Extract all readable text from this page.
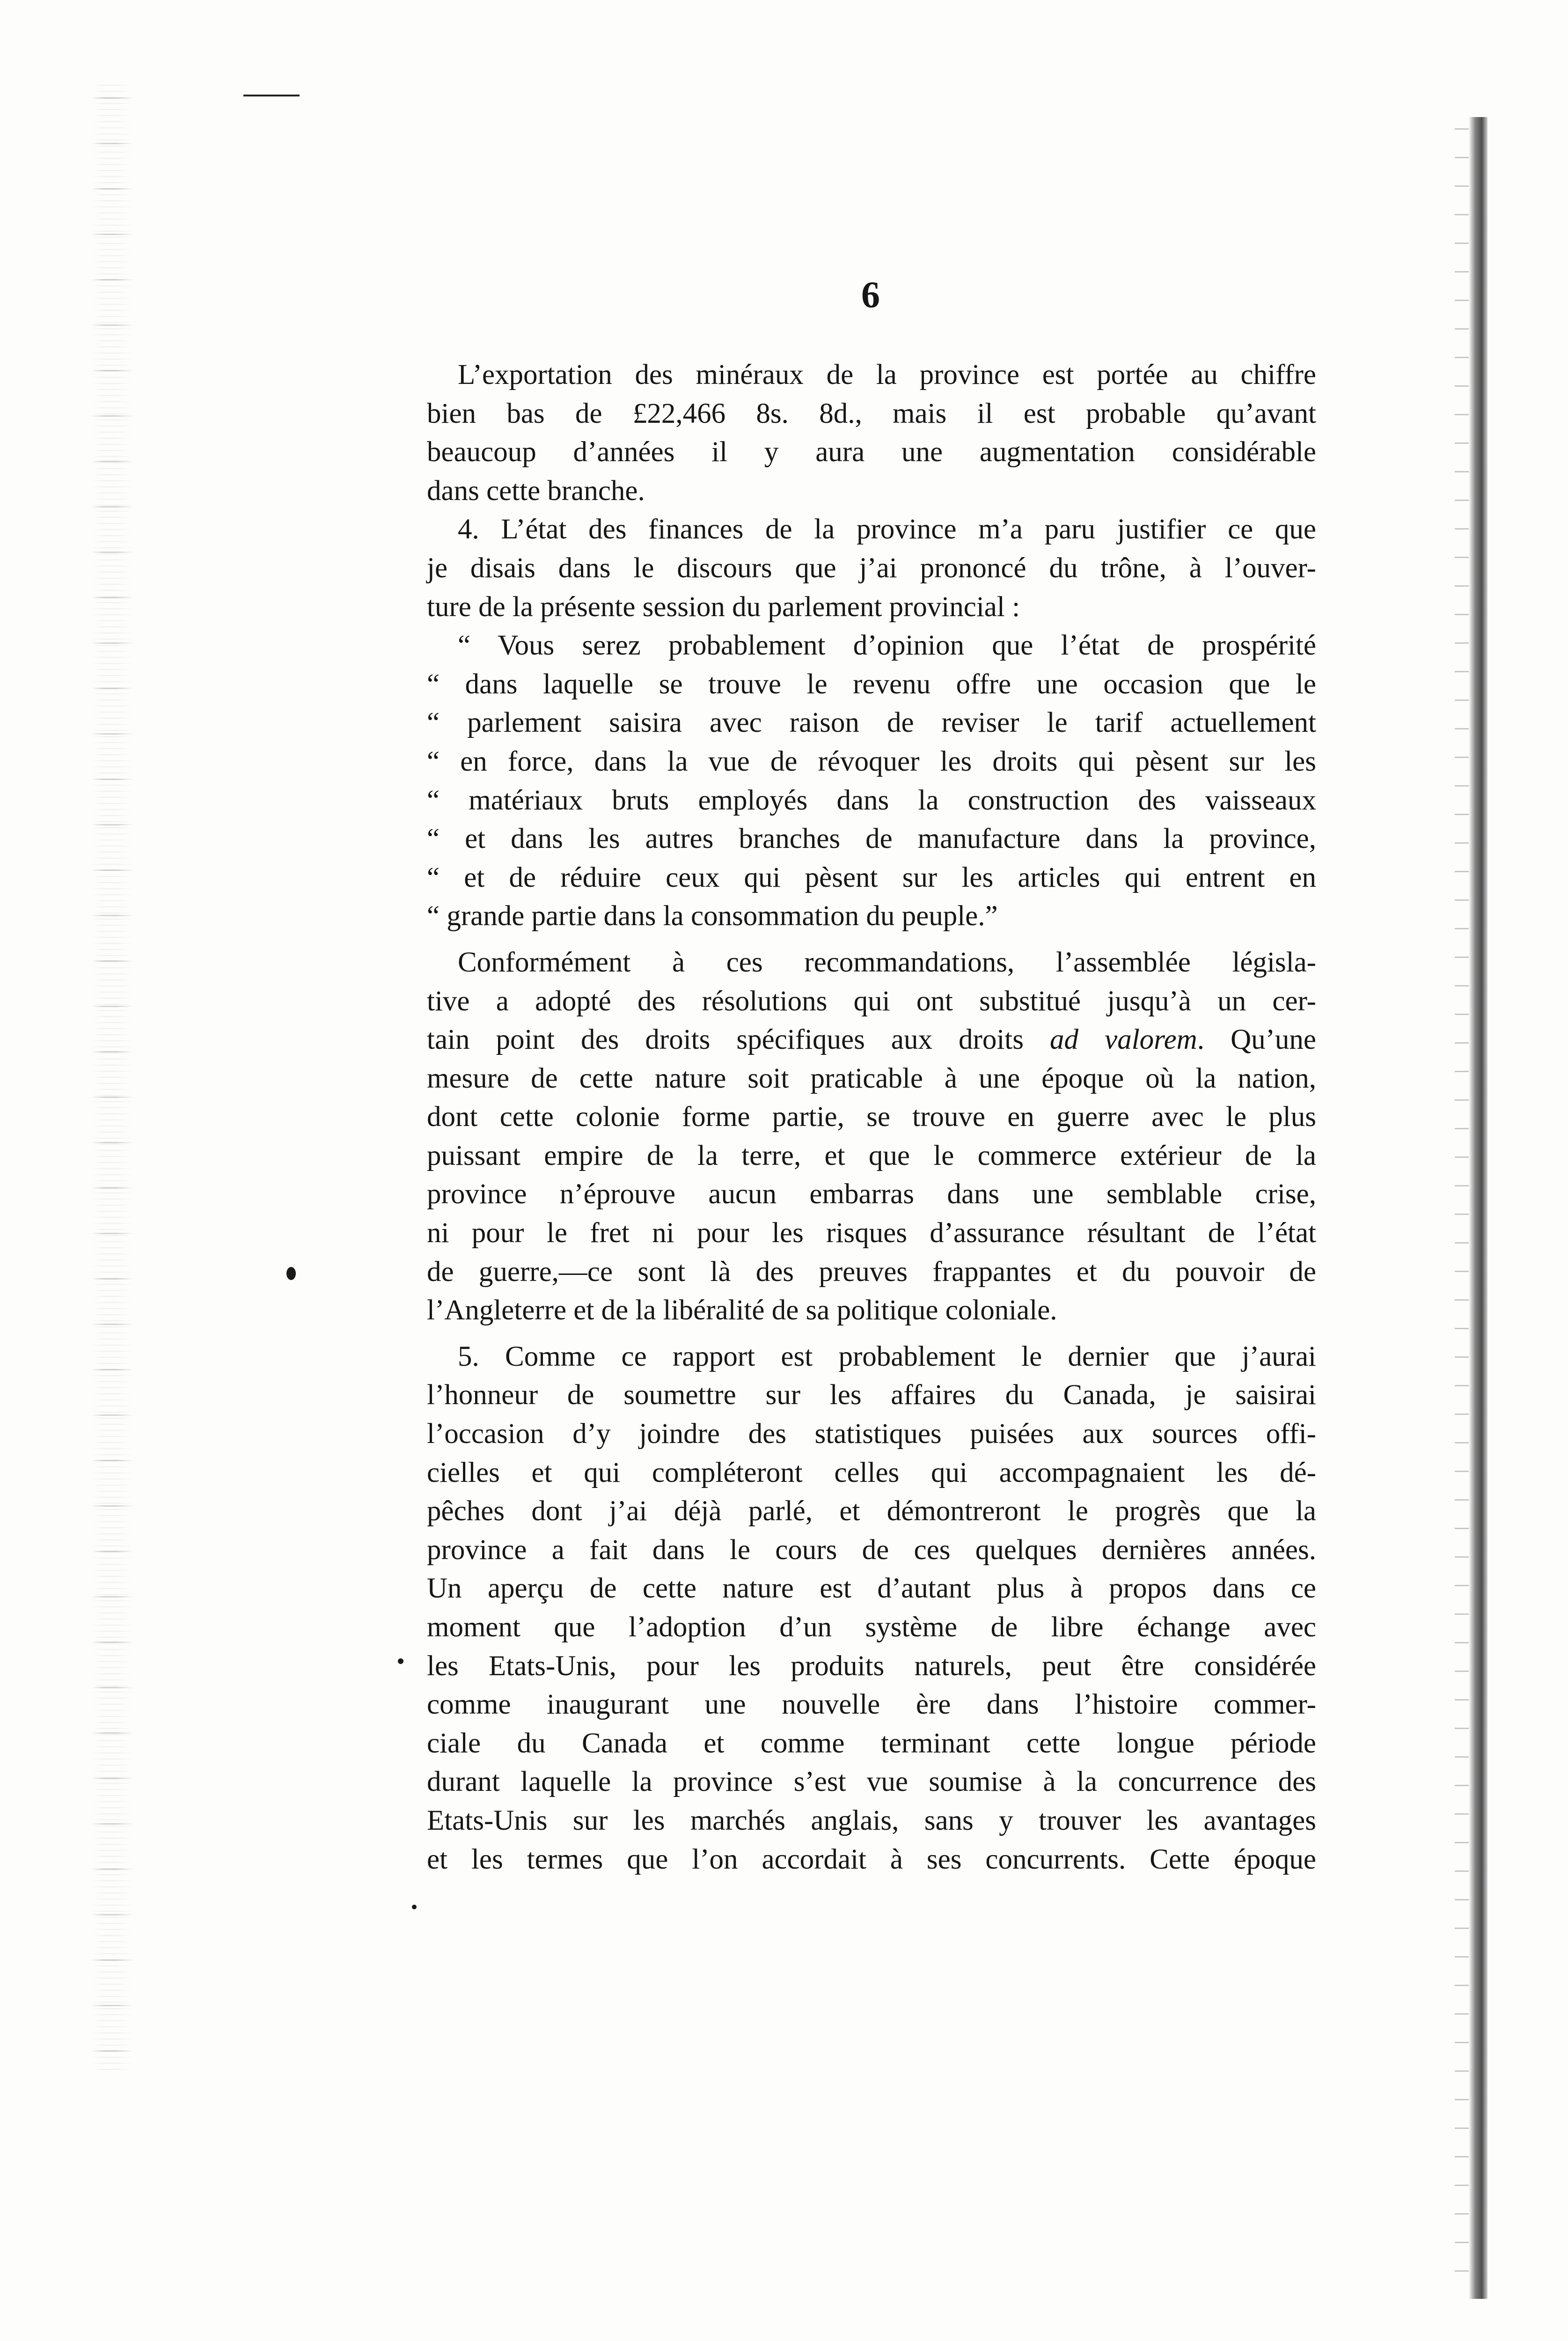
6
L’exportation des minéraux de la province est portée au chiffre
bien bas de £22,466 8s. 8d., mais il est probable qu’avant
beaucoup d’années il y aura une augmentation considérable
dans cette branche.
4. L’état des finances de la province m’a paru justifier ce que
je disais dans le discours que j’ai prononcé du trône, à l’ouver-
ture de la présente session du parlement provincial :
“ Vous serez probablement d’opinion que l’état de prospérité
“ dans laquelle se trouve le revenu offre une occasion que le
“ parlement saisira avec raison de reviser le tarif actuellement
“ en force, dans la vue de révoquer les droits qui pèsent sur les
“ matériaux bruts employés dans la construction des vaisseaux
“ et dans les autres branches de manufacture dans la province,
“ et de réduire ceux qui pèsent sur les articles qui entrent en
“ grande partie dans la consommation du peuple.”
Conformément à ces recommandations, l’assemblée législa-
tive a adopté des résolutions qui ont substitué jusqu’à un cer-
tain point des droits spécifiques aux droits ad valorem. Qu’une
mesure de cette nature soit praticable à une époque où la nation,
dont cette colonie forme partie, se trouve en guerre avec le plus
puissant empire de la terre, et que le commerce extérieur de la
province n’éprouve aucun embarras dans une semblable crise,
ni pour le fret ni pour les risques d’assurance résultant de l’état
de guerre,—ce sont là des preuves frappantes et du pouvoir de
l’Angleterre et de la libéralité de sa politique coloniale.
5. Comme ce rapport est probablement le dernier que j’aurai
l’honneur de soumettre sur les affaires du Canada, je saisirai
l’occasion d’y joindre des statistiques puisées aux sources offi-
cielles et qui compléteront celles qui accompagnaient les dé-
pêches dont j’ai déjà parlé, et démontreront le progrès que la
province a fait dans le cours de ces quelques dernières années.
Un aperçu de cette nature est d’autant plus à propos dans ce
moment que l’adoption d’un système de libre échange avec
les Etats-Unis, pour les produits naturels, peut être considérée
comme inaugurant une nouvelle ère dans l’histoire commer-
ciale du Canada et comme terminant cette longue période
durant laquelle la province s’est vue soumise à la concurrence des
Etats-Unis sur les marchés anglais, sans y trouver les avantages
et les termes que l’on accordait à ses concurrents. Cette époque
